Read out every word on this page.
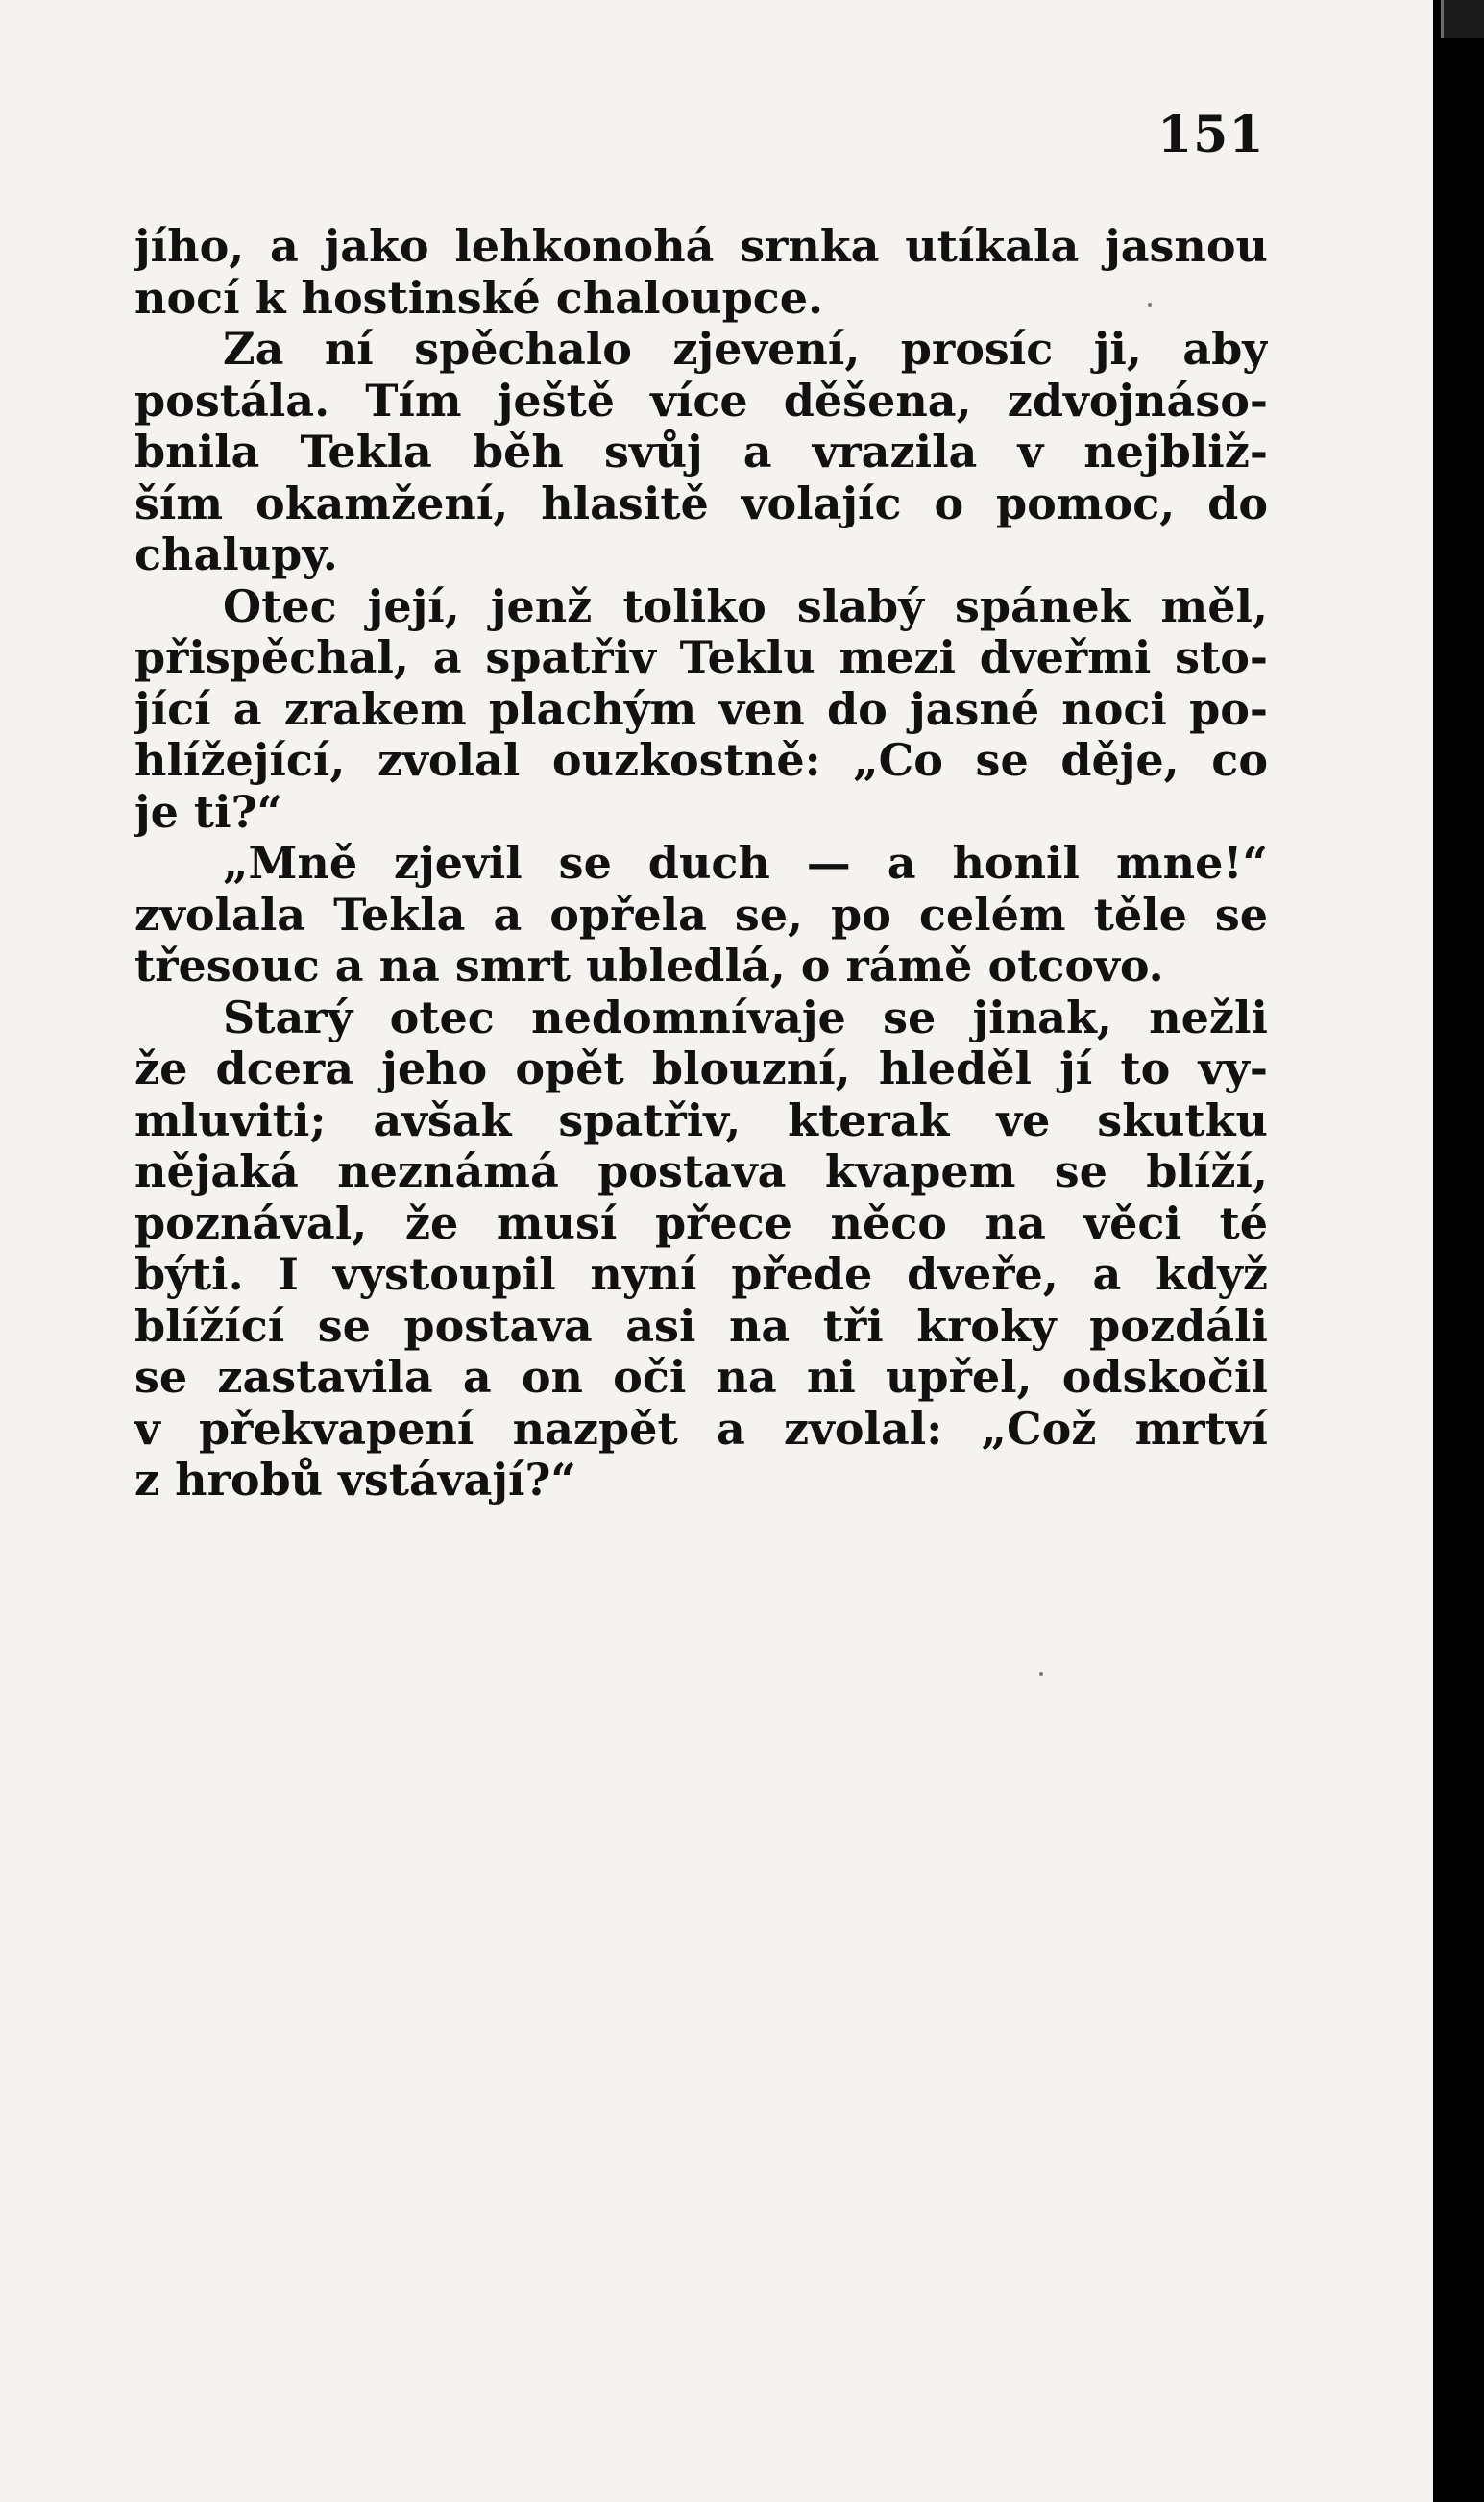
151
jího, a jako lehkonohá srnka utíkala jasnou
nocí k hostinské chaloupce.
Za ní spěchalo zjevení, prosíc ji, aby
postála. Tím ještě více děšena, zdvojnáso-
bnila Tekla běh svůj a vrazila v nejbliž-
ším okamžení, hlasitě volajíc o pomoc, do
chalupy.
Otec její, jenž toliko slabý spánek měl,
přispěchal, a spatřiv Teklu mezi dveřmi sto-
jící a zrakem plachým ven do jasné noci po-
hlížející, zvolal ouzkostně: „Co se děje, co
je ti?“
„Mně zjevil se duch — a honil mne!“
zvolala Tekla a opřela se, po celém těle se
třesouc a na smrt ubledlá, o rámě otcovo.
Starý otec nedomnívaje se jinak, nežli
že dcera jeho opět blouzní, hleděl jí to vy-
mluviti; avšak spatřiv, kterak ve skutku
nějaká neznámá postava kvapem se blíží,
poznával, že musí přece něco na věci té
býti. I vystoupil nyní přede dveře, a když
blížící se postava asi na tři kroky pozdáli
se zastavila a on oči na ni upřel, odskočil
v překvapení nazpět a zvolal: „Což mrtví
z hrobů vstávají?“
